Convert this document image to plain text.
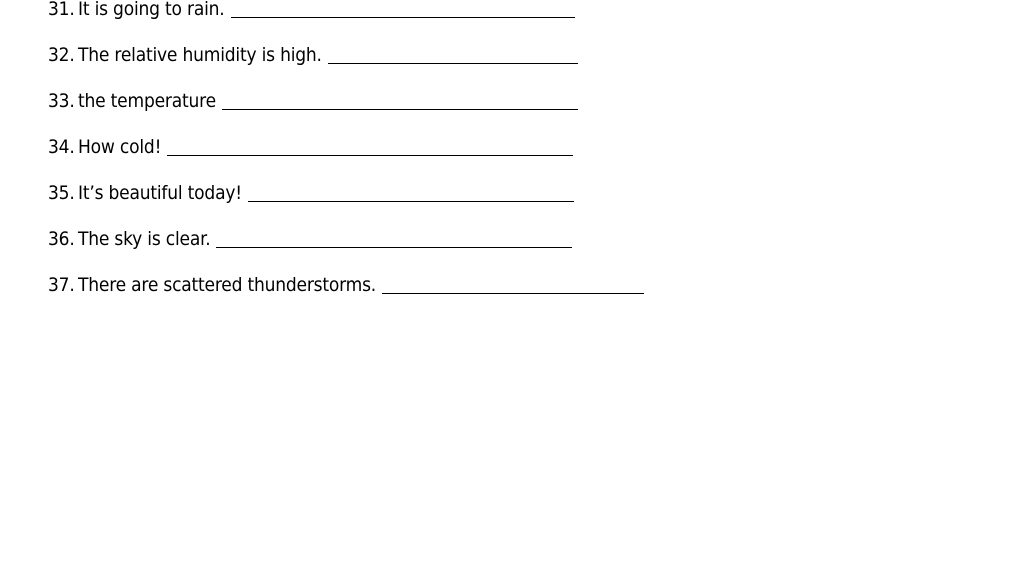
31. It is going to rain.
32. The relative humidity is high.
33. the temperature
34. How cold!
35. It’s beautiful today!
36. The sky is clear.
37. There are scattered thunderstorms.
